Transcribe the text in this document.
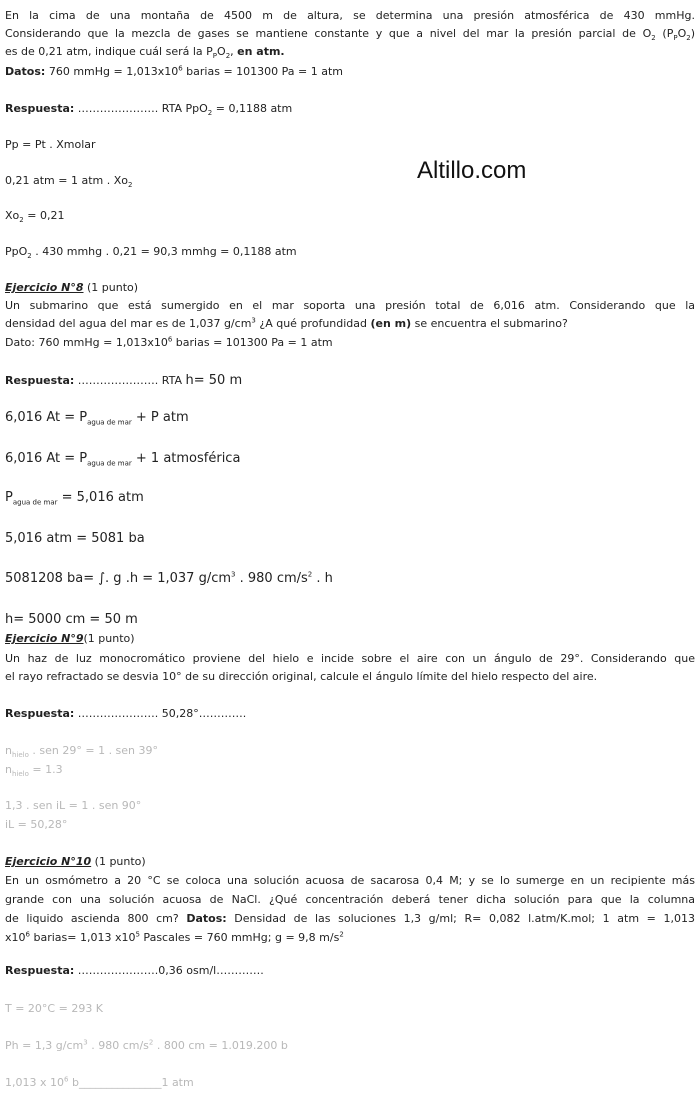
Altillo.com
En la cima de una montaña de 4500 m de altura, se determina una presión atmosférica de 430 mmHg.
Considerando que la mezcla de gases se mantiene constante y que a nivel del mar la presión parcial de $O_2$ $(P_PO_2)$
es de 0,21 atm, indique cuál será la $P_PO_2$, en atm.
Datos: 760 mmHg = $1,013x10^6$ barias = 101300 Pa = 1 atm
Respuesta: …………………. RTA PpO$_2$ = 0,1188 atm
Pp = Pt . Xmolar
0,21 atm = 1 atm . $Xo_2$
$Xo_2 = 0,21$
PpO$_2$ . 430 mmhg . 0,21 = 90,3 mmhg = 0,1188 atm
Ejercicio N°8 (1 punto)
Un submarino que está sumergido en el mar soporta una presión total de 6,016 atm. Considerando que la
densidad del agua del mar es de 1,037 $g/cm^3$ ¿A qué profundidad (en m) se encuentra el submarino?
Dato: 760 mmHg = $1,013x10^6$ barias = 101300 Pa = 1 atm
Respuesta: …………………. RTA h= 50 m
6,016 $At = P_{agua de mar} + P$ atm
6,016 $At = P_{agua de mar} + 1$ atmosférica
$P_{agua de mar} = 5,016$ atm
5,016 atm = 5081 ba
5081208 ba= ∫. g .h = 1,037 $g/cm^3$ . 980 $cm/s^2$ . h
h= 5000 cm = 50 m
Ejercicio N°9(1 punto)
Un haz de luz monocromático proviene del hielo e incide sobre el aire con un ángulo de 29°. Considerando que
el rayo refractado se desvia 10° de su dirección original, calcule el ángulo límite del hielo respecto del aire.
Respuesta: …………………. 50,28°………….
$n_{hielo}$ . sen 29° = 1 . sen 39°
$n_{hielo} = 1.3$
1,3 . sen iL = 1 . sen 90°
iL = 50,28°
Ejercicio N°10 (1 punto)
En un osmómetro a 20 °C se coloca una solución acuosa de sacarosa 0,4 M; y se lo sumerge en un recipiente más
grande con una solución acuosa de NaCl. ¿Qué concentración deberá tener dicha solución para que la columna
de liquido ascienda 800 cm? Datos: Densidad de las soluciones 1,3 g/ml; R= 0,082 l.atm/K.mol; 1 atm = 1,013
$x10^6$ barias= 1,013 $x10^5$ Pascales = 760 mmHg; g = 9,8 $m/s^2$
Respuesta: ………………….0,36 osm/l………….
T = 20°C = 293 K
Ph = 1,3 $g/cm^3$ . 980 $cm/s^2$ . 800 cm = 1.019.200 b
1,013 x $10^6$ b_______________1 atm
